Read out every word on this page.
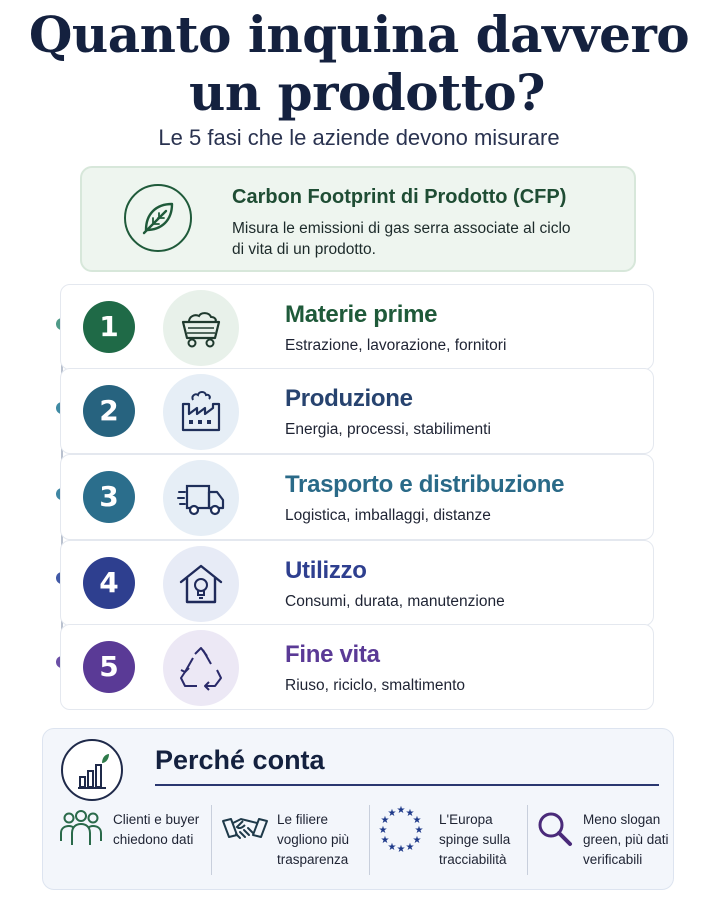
Quanto inquina davvero
un prodotto?
Le 5 fasi che le aziende devono misurare
Carbon Footprint di Prodotto (CFP)
Misura le emissioni di gas serra associate al ciclo di vita di un prodotto.
1	Materie prime
Estrazione, lavorazione, fornitori
2	Produzione
Energia, processi, stabilimenti
3	Trasporto e distribuzione
Logistica, imballaggi, distanze
4	Utilizzo
Consumi, durata, manutenzione
5	Fine vita
Riuso, riciclo, smaltimento
Perché conta
Clienti e buyer chiedono dati
Le filiere vogliono più trasparenza
★ ★
★
★
★
★
★
★
★
★
★
★	L'Europa spinge sulla tracciabilità
Meno slogan green, più dati verificabili
